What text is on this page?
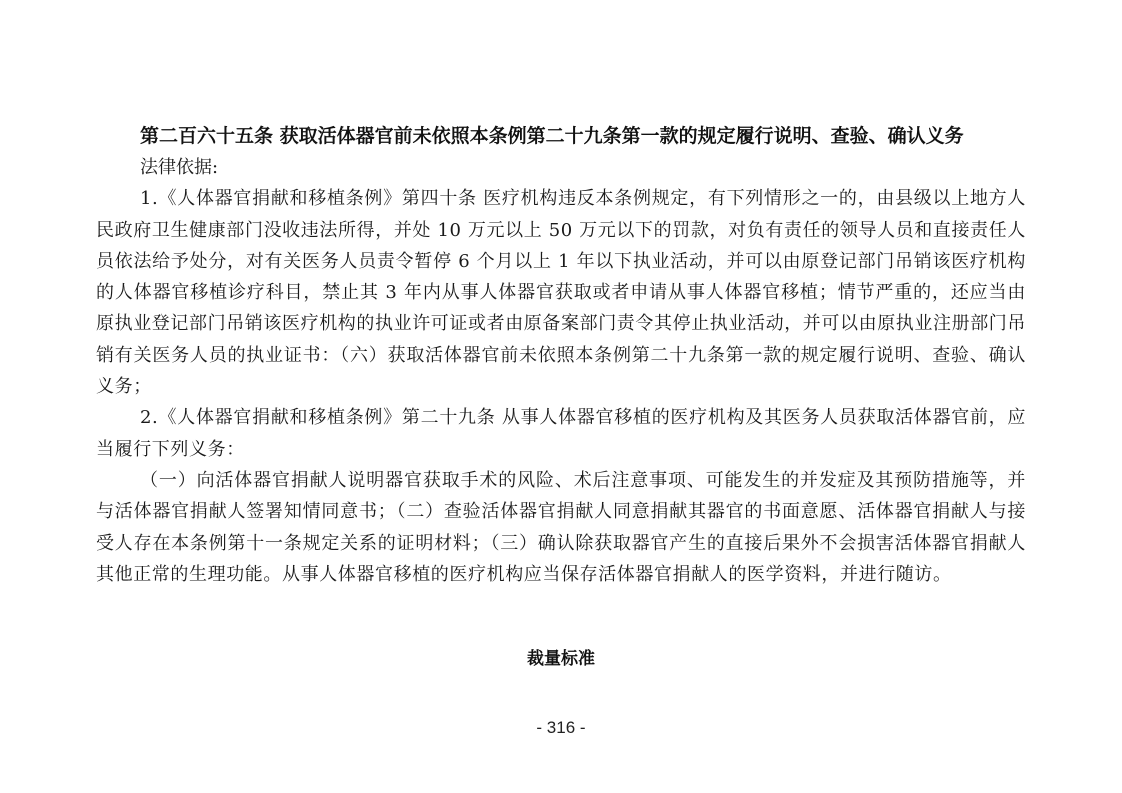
第二百六十五条 获取活体器官前未依照本条例第二十九条第一款的规定履行说明、查验、确认义务

法律依据:

1.《人体器官捐献和移植条例》第四十条 医疗机构违反本条例规定，有下列情形之一的，由县级以上地方人民政府卫生健康部门没收违法所得，并处 10 万元以上 50 万元以下的罚款，对负有责任的领导人员和直接责任人员依法给予处分，对有关医务人员责令暂停 6 个月以上 1 年以下执业活动，并可以由原登记部门吊销该医疗机构的人体器官移植诊疗科目，禁止其 3 年内从事人体器官获取或者申请从事人体器官移植；情节严重的，还应当由原执业登记部门吊销该医疗机构的执业许可证或者由原备案部门责令其停止执业活动，并可以由原执业注册部门吊销有关医务人员的执业证书：（六）获取活体器官前未依照本条例第二十九条第一款的规定履行说明、查验、确认义务；

2.《人体器官捐献和移植条例》第二十九条 从事人体器官移植的医疗机构及其医务人员获取活体器官前，应当履行下列义务：

（一）向活体器官捐献人说明器官获取手术的风险、术后注意事项、可能发生的并发症及其预防措施等，并与活体器官捐献人签署知情同意书；（二）查验活体器官捐献人同意捐献其器官的书面意愿、活体器官捐献人与接受人存在本条例第十一条规定关系的证明材料；（三）确认除获取器官产生的直接后果外不会损害活体器官捐献人其他正常的生理功能。从事人体器官移植的医疗机构应当保存活体器官捐献人的医学资料，并进行随访。

裁量标准
- 316 -
